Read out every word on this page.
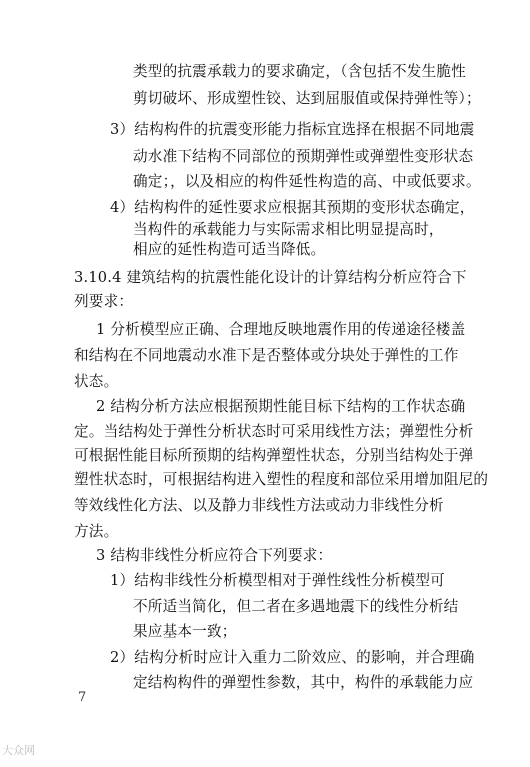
类型的抗震承载力的要求确定，（含包括不发生脆性
剪切破坏、形成塑性铰、达到屈服值或保持弹性等）；
3）结构构件的抗震变形能力指标宜选择在根据不同地震
动水准下结构不同部位的预期弹性或弹塑性变形状态
确定；，以及相应的构件延性构造的高、中或低要求。
4）结构构件的延性要求应根据其预期的变形状态确定，
当构件的承载能力与实际需求相比明显提高时，
相应的延性构造可适当降低。
3.10.4 建筑结构的抗震性能化设计的计算结构分析应符合下
列要求：
1 分析模型应正确、合理地反映地震作用的传递途径楼盖
和结构在不同地震动水准下是否整体或分块处于弹性的工作
状态。
2 结构分析方法应根据预期性能目标下结构的工作状态确
定。当结构处于弹性分析状态时可采用线性方法；弹塑性分析
可根据性能目标所预期的结构弹塑性状态，分别当结构处于弹
塑性状态时，可根据结构进入塑性的程度和部位采用增加阻尼的
等效线性化方法、以及静力非线性方法或动力非线性分析
方法。
3 结构非线性分析应符合下列要求：
1）结构非线性分析模型相对于弹性线性分析模型可
不所适当简化，但二者在多遇地震下的线性分析结
果应基本一致；
2）结构分析时应计入重力二阶效应、的影响，并合理确
定结构构件的弹塑性参数，其中，构件的承载能力应
7
大众网
